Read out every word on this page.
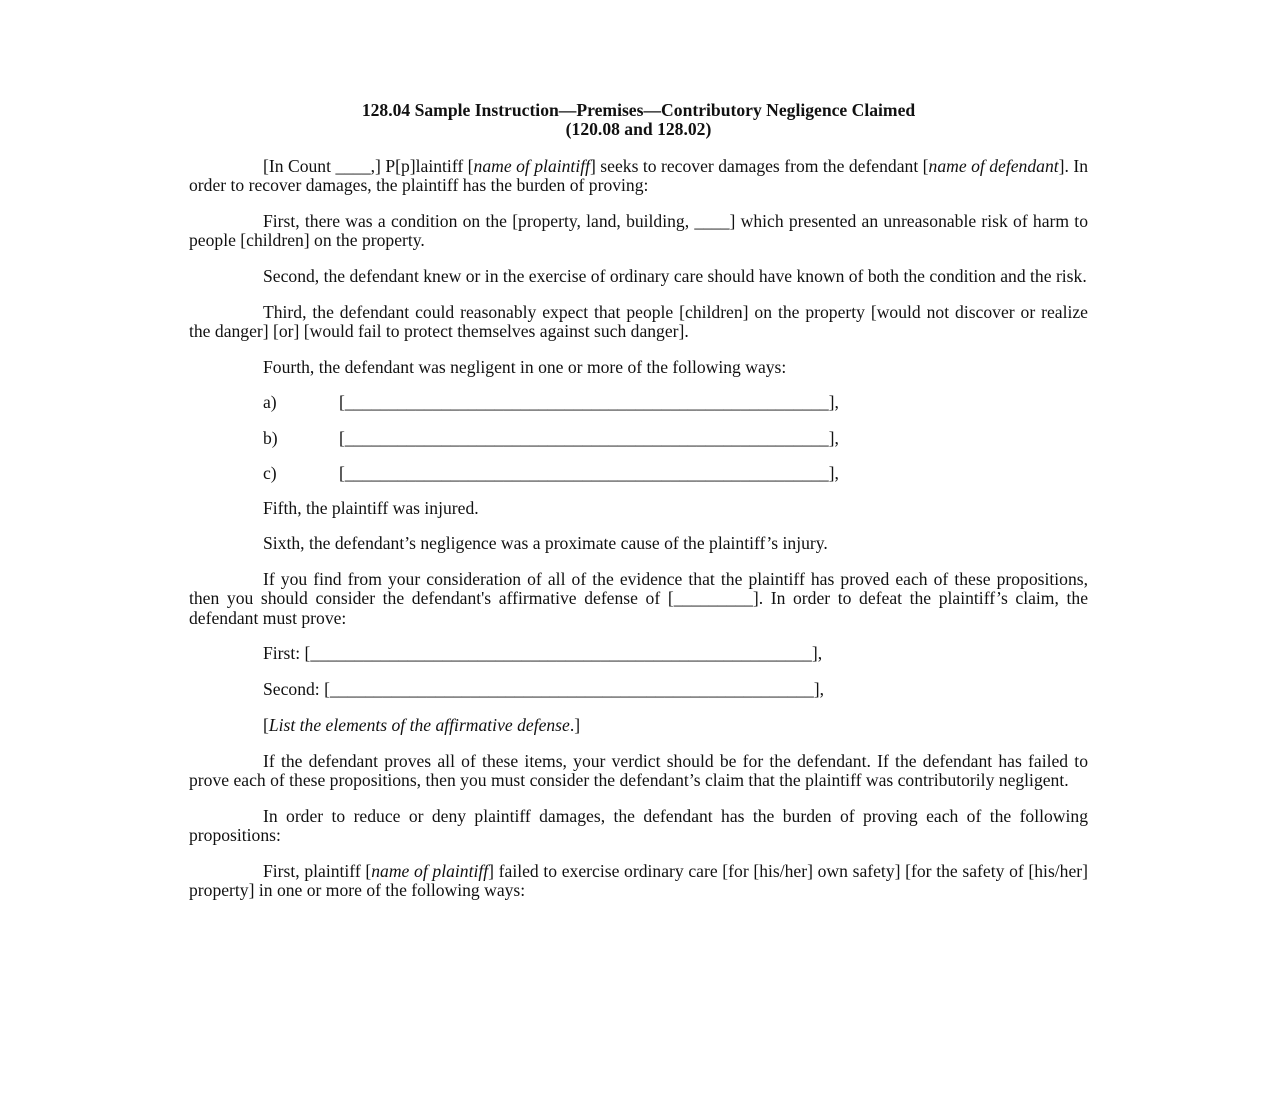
128.04 Sample Instruction—Premises—Contributory Negligence Claimed
(120.08 and 128.02)

[In Count ____,] P[p]laintiff [name of plaintiff] seeks to recover damages from the defendant [name of defendant]. In order to recover damages, the plaintiff has the burden of proving:

First, there was a condition on the [property, land, building, ____] which presented an unreasonable risk of harm to people [children] on the property.

Second, the defendant knew or in the exercise of ordinary care should have known of both the condition and the risk.

Third, the defendant could reasonably expect that people [children] on the property [would not discover or realize the danger] [or] [would fail to protect themselves against such danger].

Fourth, the defendant was negligent in one or more of the following ways:

a)	[_______________________________________________________],
b)	[_______________________________________________________],
c)	[_______________________________________________________],

Fifth, the plaintiff was injured.

Sixth, the defendant’s negligence was a proximate cause of the plaintiff’s injury.

If you find from your consideration of all of the evidence that the plaintiff has proved each of these propositions, then you should consider the defendant's affirmative defense of [_________]. In order to defeat the plaintiff’s claim, the defendant must prove:

First: [_________________________________________________________],
Second: [_______________________________________________________],
[List the elements of the affirmative defense.]

If the defendant proves all of these items, your verdict should be for the defendant. If the defendant has failed to prove each of these propositions, then you must consider the defendant’s claim that the plaintiff was contributorily negligent.

In order to reduce or deny plaintiff damages, the defendant has the burden of proving each of the following propositions:

First, plaintiff [name of plaintiff] failed to exercise ordinary care [for [his/her] own safety] [for the safety of [his/her] property] in one or more of the following ways:
